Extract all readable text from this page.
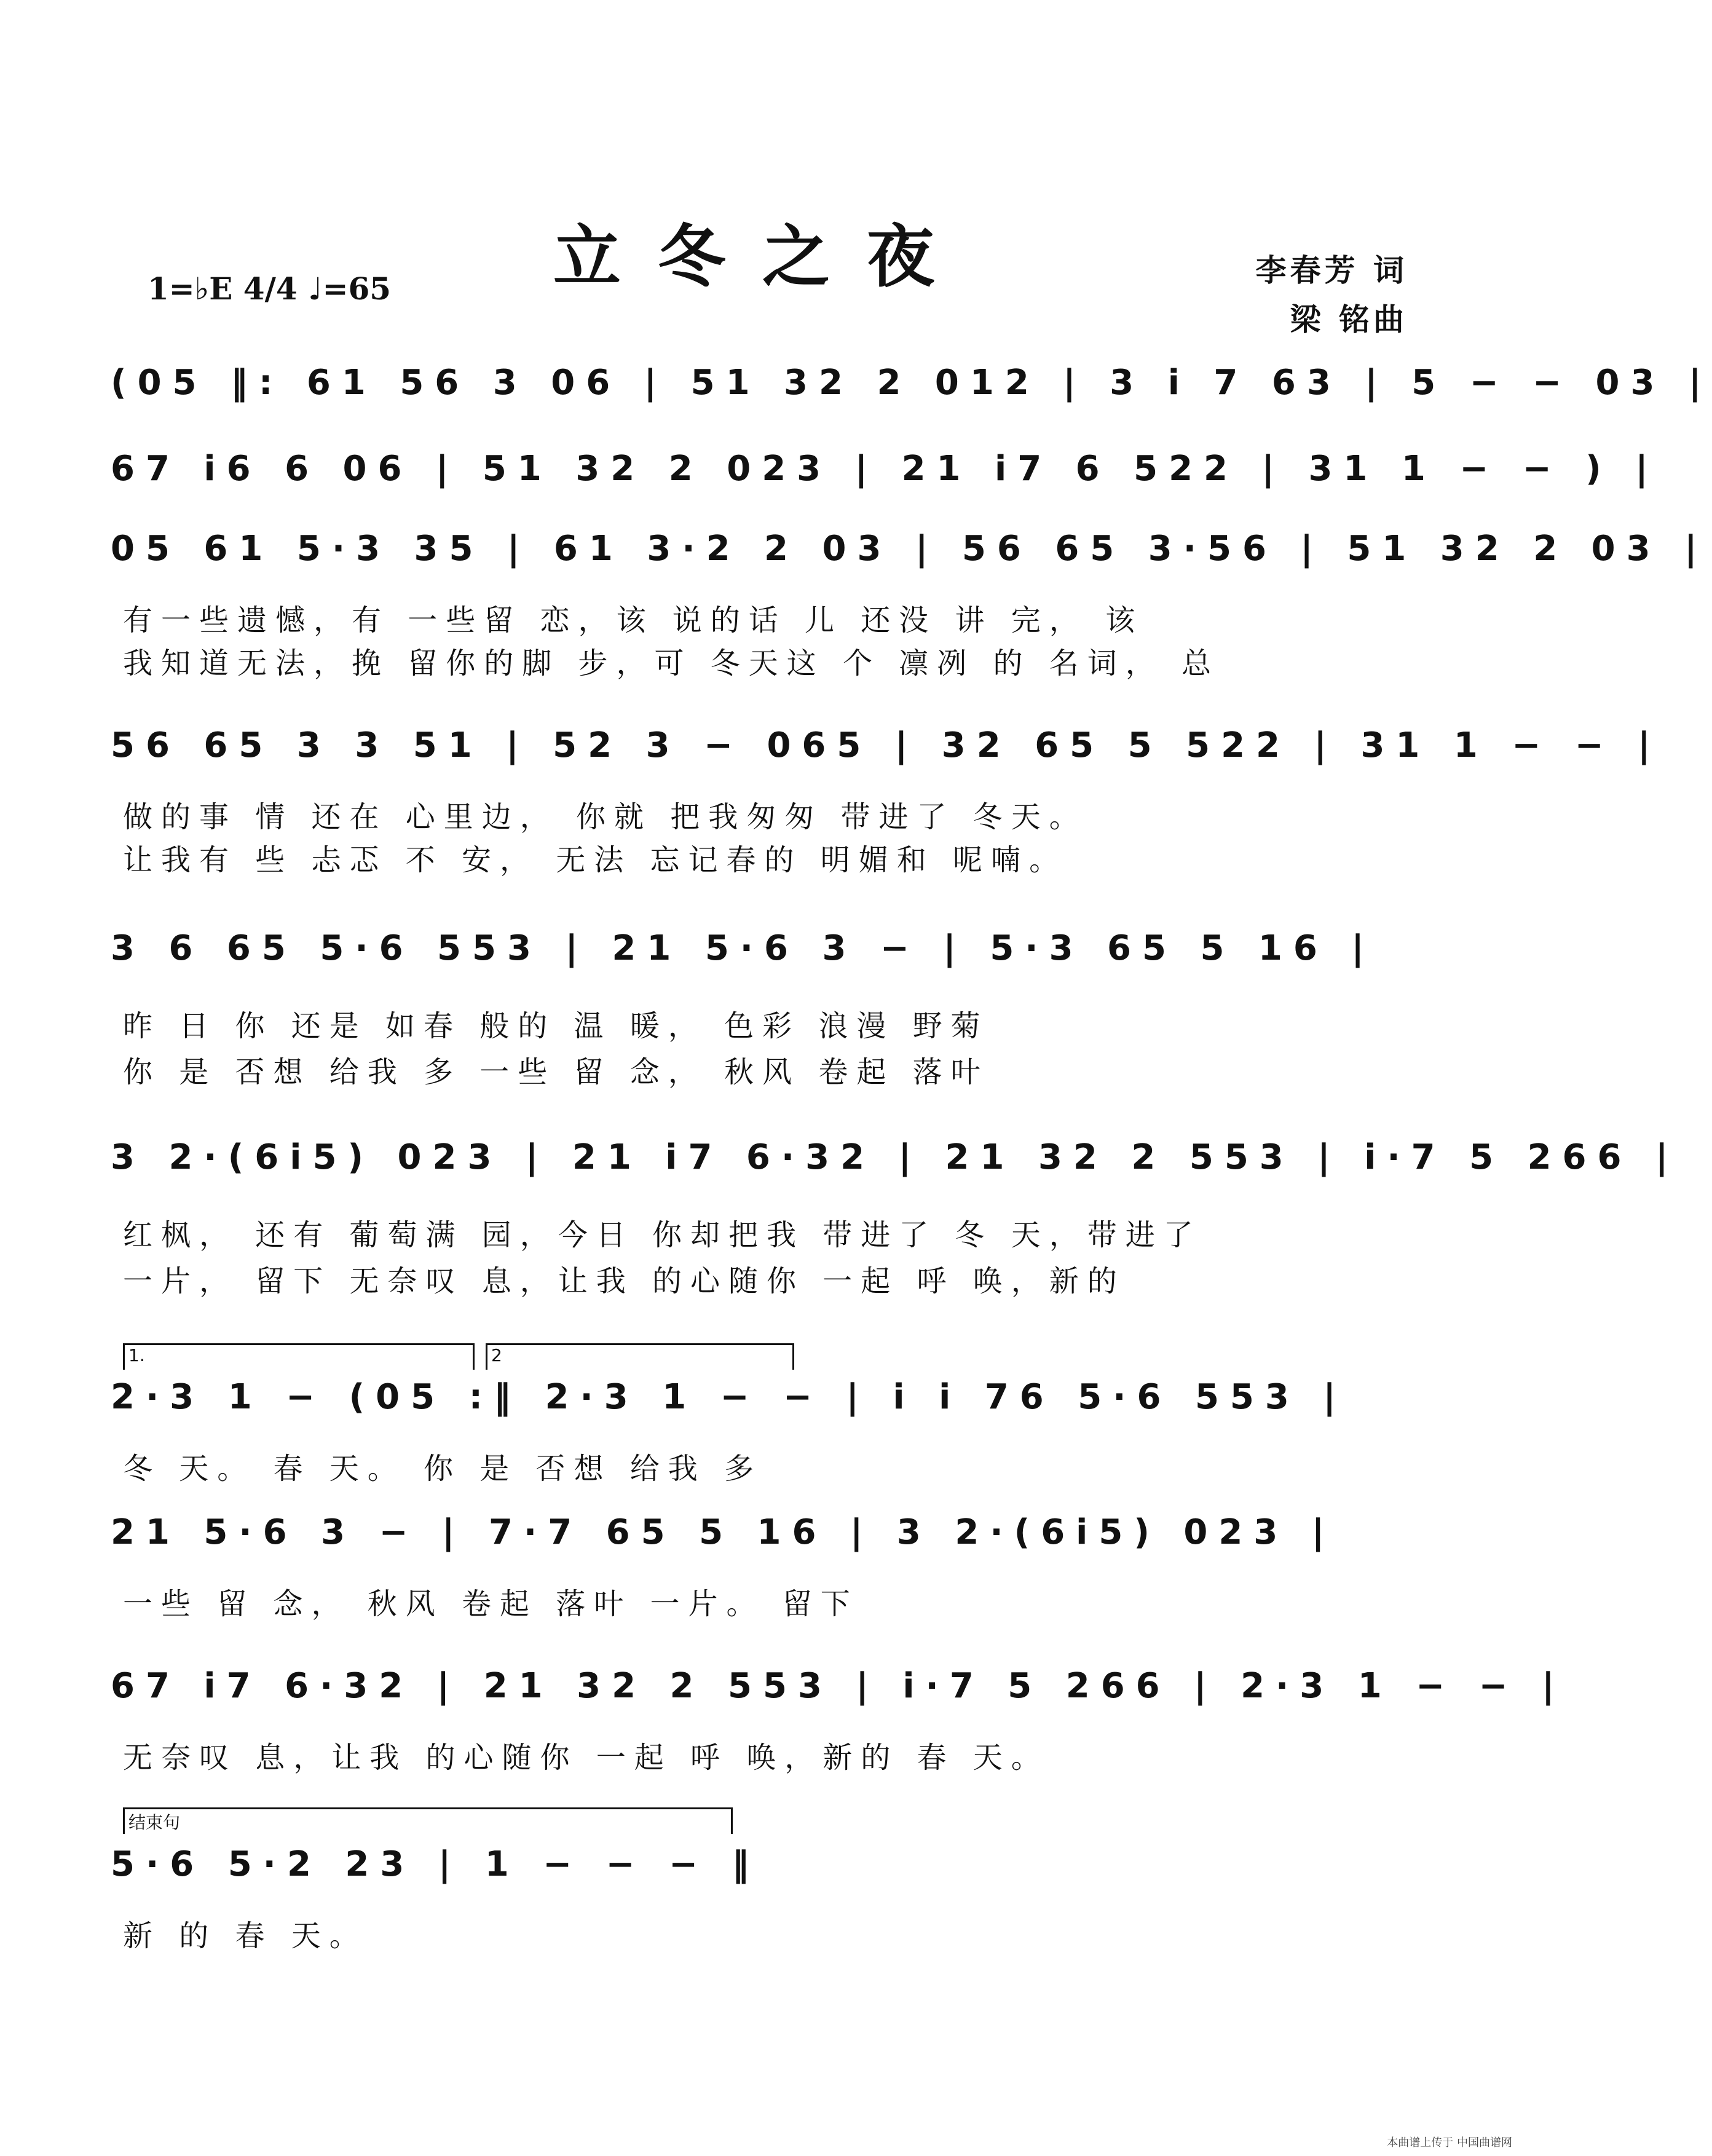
立冬之夜	李春芳 词
梁 铭曲
1=♭E 4/4 ♩=65
(05 ‖: 61 56 3 06 | 51 32 2 012 | 3 i 7 63 | 5 − − 03 |
67 i6 6 06 | 51 32 2 023 | 21 i7 6 522 | 31 1 − − ) |
05 61 5·3 35 | 61 3·2 2 03 | 56 65 3·56 | 51 32 2 03 |
有一些遗憾，有 一些留 恋，该 说的话 儿 还没 讲 完， 该
我知道无法，挽 留你的脚 步，可 冬天这 个 凛冽 的 名词， 总
56 65 3 3 51 | 52 3 − 065 | 32 65 5 522 | 31 1 − − |
做的事 情 还在 心里边， 你就 把我匆匆 带进了 冬天。
让我有 些 忐忑 不 安， 无法 忘记春的 明媚和 呢喃。
3 6 65 5·6 553 | 21 5·6 3 − | 5·3 65 5 16 |
昨 日 你 还是 如春 般的 温 暖， 色彩 浪漫 野菊
你 是 否想 给我 多 一些 留 念， 秋风 卷起 落叶
3 2·(6i5) 023 | 21 i7 6·32 | 21 32 2 553 | i·7 5 266 |
红枫， 还有 葡萄满 园，今日 你却把我 带进了 冬 天，带进了
一片， 留下 无奈叹 息，让我 的心随你 一起 呼 唤，新的
1.	2
2·3 1 − (05 :‖ 2·3 1 − − | i i 76 5·6 553 |
冬 天。 春 天。 你 是 否想 给我 多
21 5·6 3 − | 7·7 65 5 16 | 3 2·(6i5) 023 |
一些 留 念， 秋风 卷起 落叶 一片。 留下
67 i7 6·32 | 21 32 2 553 | i·7 5 266 | 2·3 1 − − |
无奈叹 息，让我 的心随你 一起 呼 唤，新的 春 天。
结束句
5·6 5·2 23 | 1 − − − ‖
新 的 春 天。
本曲谱上传于 中国曲谱网
